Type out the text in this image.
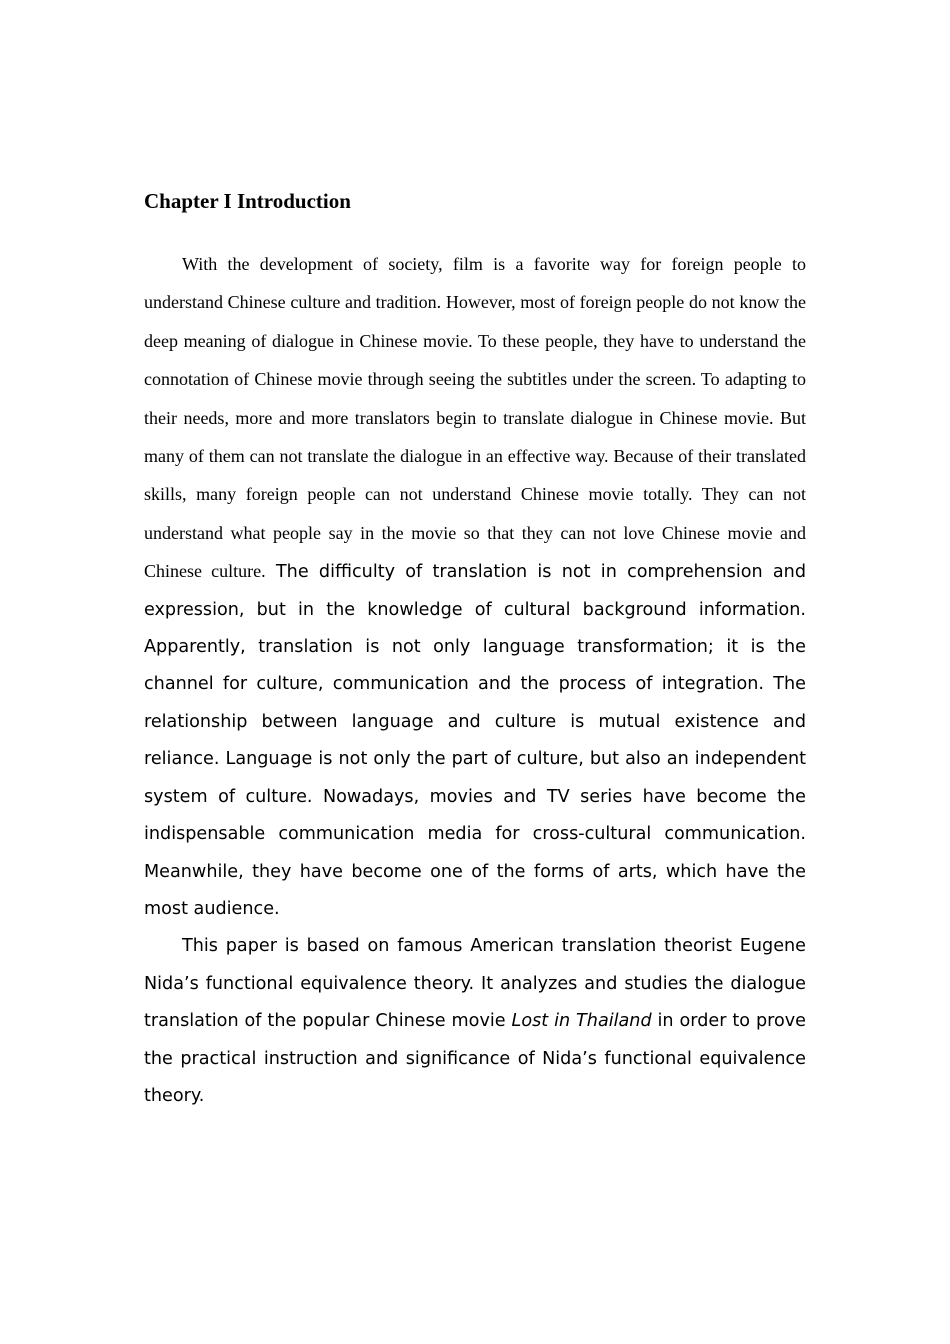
Chapter I Introduction

With the development of society, film is a favorite way for foreign people to understand Chinese culture and tradition. However, most of foreign people do not know the deep meaning of dialogue in Chinese movie. To these people, they have to understand the connotation of Chinese movie through seeing the subtitles under the screen. To adapting to their needs, more and more translators begin to translate dialogue in Chinese movie. But many of them can not translate the dialogue in an effective way. Because of their translated skills, many foreign people can not understand Chinese movie totally. They can not understand what people say in the movie so that they can not love Chinese movie and Chinese culture. The difficulty of translation is not in comprehension and expression, but in the knowledge of cultural background information. Apparently, translation is not only language transformation; it is the channel for culture, communication and the process of integration. The relationship between language and culture is mutual existence and reliance. Language is not only the part of culture, but also an independent system of culture. Nowadays, movies and TV series have become the indispensable communication media for cross-cultural communication. Meanwhile, they have become one of the forms of arts, which have the most audience.

This paper is based on famous American translation theorist Eugene Nida’s functional equivalence theory. It analyzes and studies the dialogue translation of the popular Chinese movie Lost in Thailand in order to prove the practical instruction and significance of Nida’s functional equivalence theory.
